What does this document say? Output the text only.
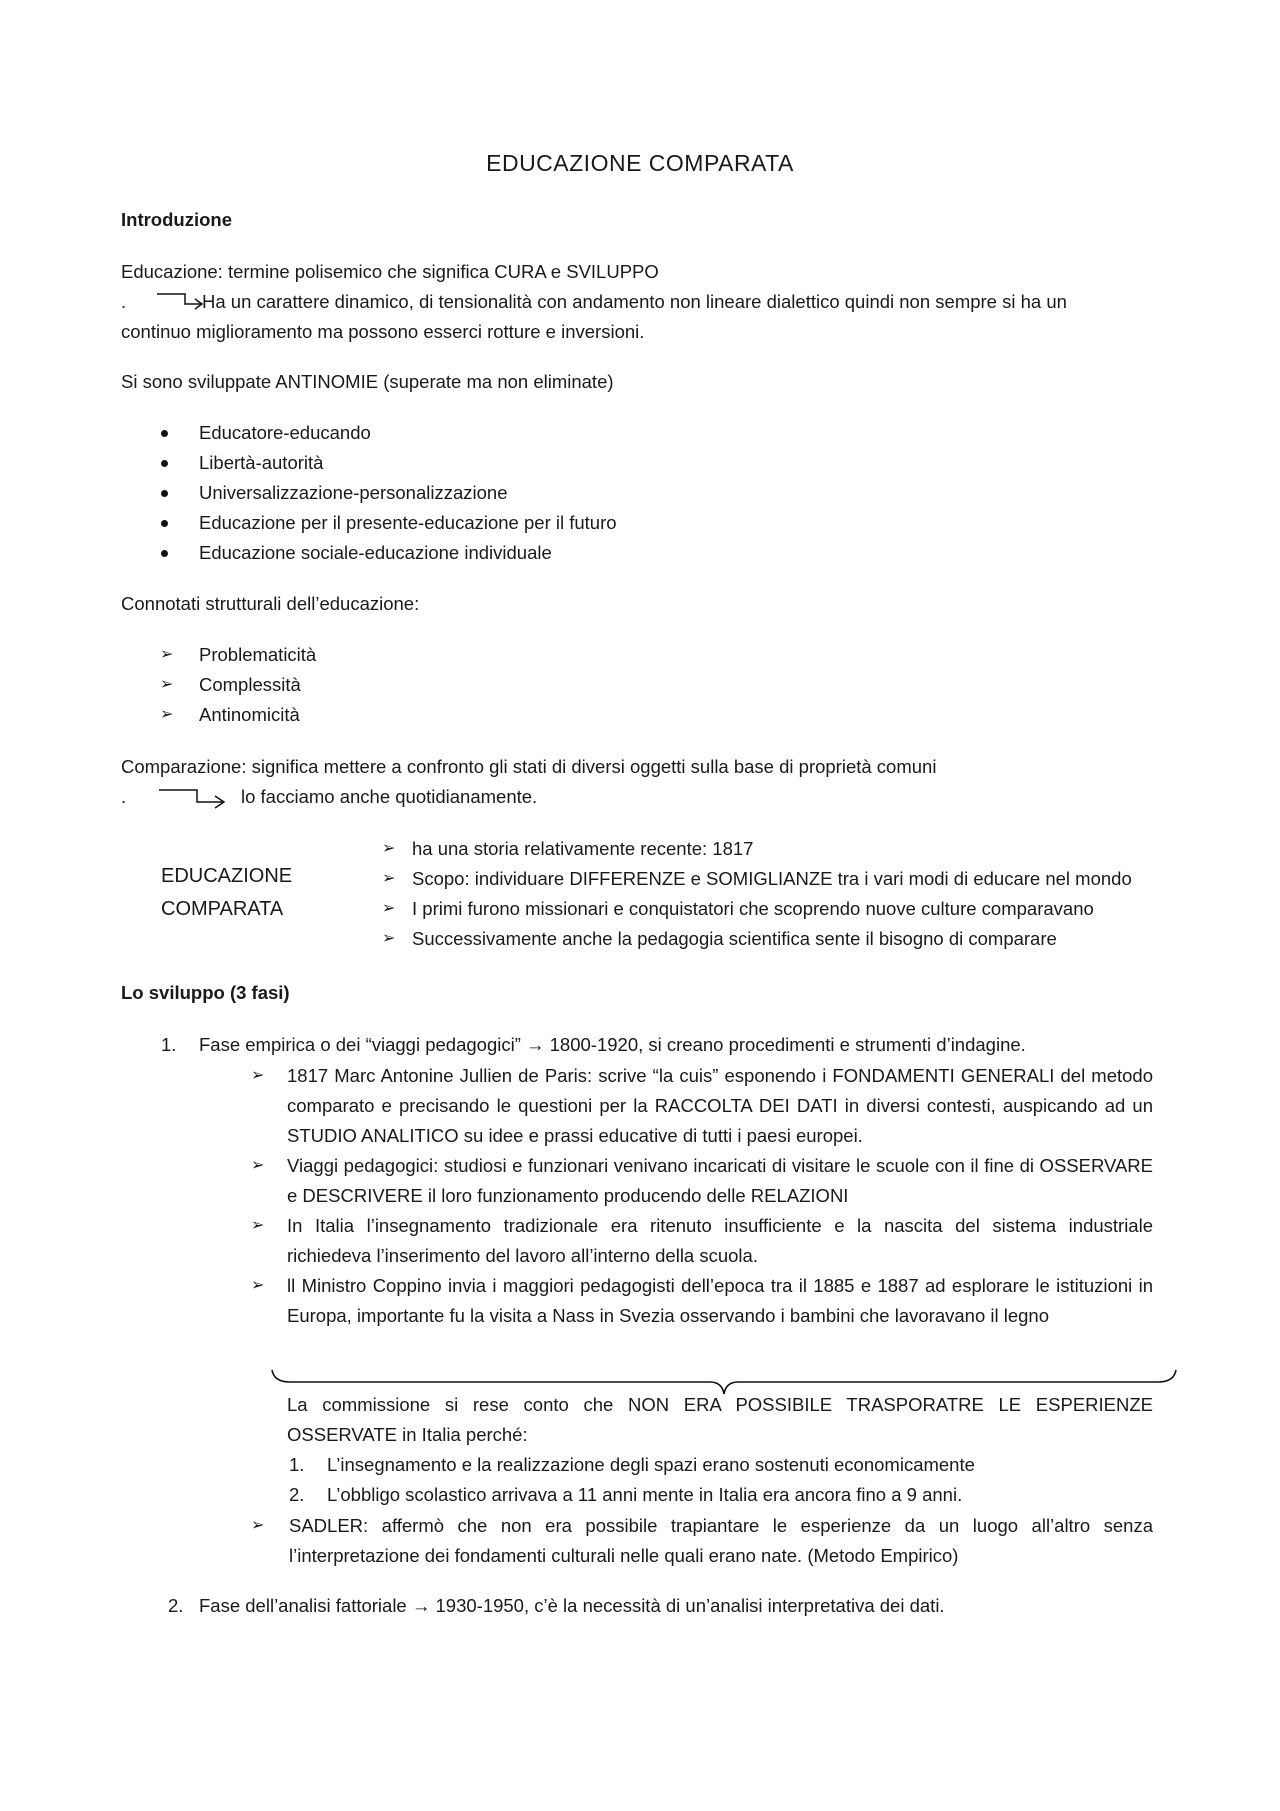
EDUCAZIONE COMPARATA
Introduzione
Educazione: termine polisemico che significa CURA e SVILUPPO
.	Ha un carattere dinamico, di tensionalità con andamento non lineare dialettico quindi non sempre si ha un
continuo miglioramento ma possono esserci rotture e inversioni.
Si sono sviluppate ANTINOMIE (superate ma non eliminate)
Educatore-educando
Libertà-autorità
Universalizzazione-personalizzazione
Educazione per il presente-educazione per il futuro
Educazione sociale-educazione individuale
Connotati strutturali dell’educazione:
➢ Problematicità
➢ Complessità
➢ Antinomicità
Comparazione: significa mettere a confronto gli stati di diversi oggetti sulla base di proprietà comuni
.	lo facciamo anche quotidianamente.
EDUCAZIONE
COMPARATA
➢ ha una storia relativamente recente: 1817
➢ Scopo: individuare DIFFERENZE e SOMIGLIANZE tra i vari modi di educare nel mondo
➢ I primi furono missionari e conquistatori che scoprendo nuove culture comparavano
➢ Successivamente anche la pedagogia scientifica sente il bisogno di comparare
Lo sviluppo (3 fasi)
1. Fase empirica o dei “viaggi pedagogici” → 1800-1920, si creano procedimenti e strumenti d’indagine.
➢ 1817 Marc Antonine Jullien de Paris: scrive “la cuis” esponendo i FONDAMENTI GENERALI del metodo comparato e precisando le questioni per la RACCOLTA DEI DATI in diversi contesti, auspicando ad un STUDIO ANALITICO su idee e prassi educative di tutti i paesi europei.
➢ Viaggi pedagogici: studiosi e funzionari venivano incaricati di visitare le scuole con il fine di OSSERVARE e DESCRIVERE il loro funzionamento producendo delle RELAZIONI
➢ In Italia l’insegnamento tradizionale era ritenuto insufficiente e la nascita del sistema industriale richiedeva l’inserimento del lavoro all’interno della scuola.
➢ ll Ministro Coppino invia i maggiori pedagogisti dell’epoca tra il 1885 e 1887 ad esplorare le istituzioni in Europa, importante fu la visita a Nass in Svezia osservando i bambini che lavoravano il legno
La commissione si rese conto che NON ERA POSSIBILE TRASPORATRE LE ESPERIENZE OSSERVATE in Italia perché:
1. L’insegnamento e la realizzazione degli spazi erano sostenuti economicamente
2. L’obbligo scolastico arrivava a 11 anni mente in Italia era ancora fino a 9 anni.
➢ SADLER: affermò che non era possibile trapiantare le esperienze da un luogo all’altro senza l’interpretazione dei fondamenti culturali nelle quali erano nate. (Metodo Empirico)
2. Fase dell’analisi fattoriale → 1930-1950, c’è la necessità di un’analisi interpretativa dei dati.
